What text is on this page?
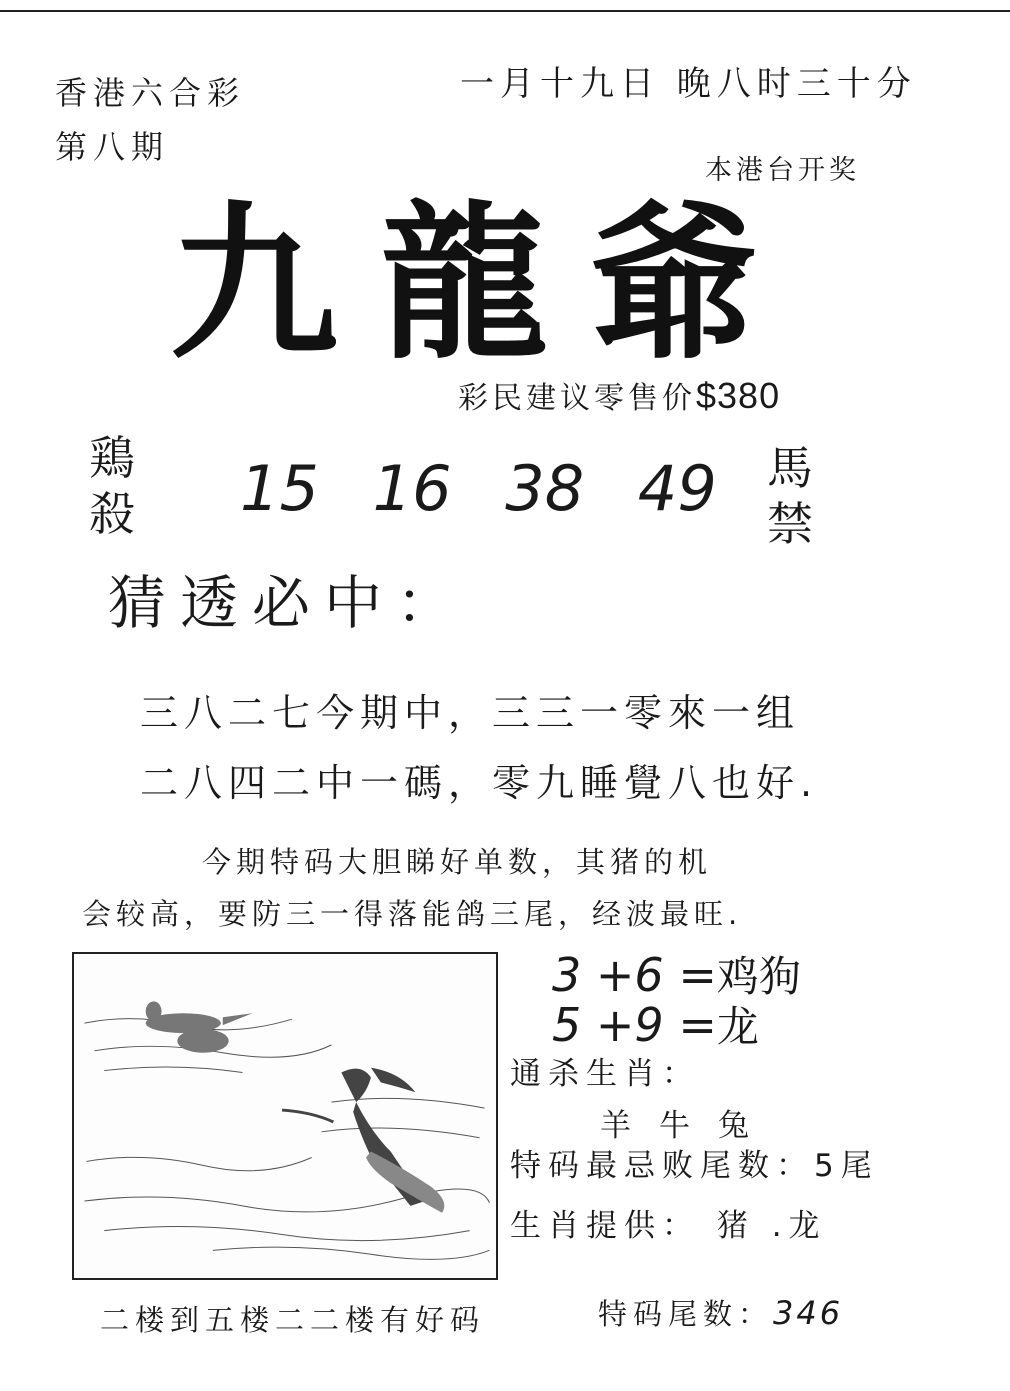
香港六合彩
第八期
一月十九日 晚八时三十分
本港台开奖
九龍爺
彩民建议零售价$380
鶏殺
馬禁
15 16 38 49
猜透必中：
三八二七今期中，三三一零來一组
二八四二中一碼，零九睡覺八也好.
今期特码大胆睇好单数，其猪的机
会较高，要防三一得落能鸽三尾，经波最旺.
3 +6 =鸡狗
5 +9 =龙
通杀生肖：
羊牛兔
特码最忌败尾数：5尾
生肖提供： 猪 .龙
二楼到五楼二二楼有好码	特码尾数：346
